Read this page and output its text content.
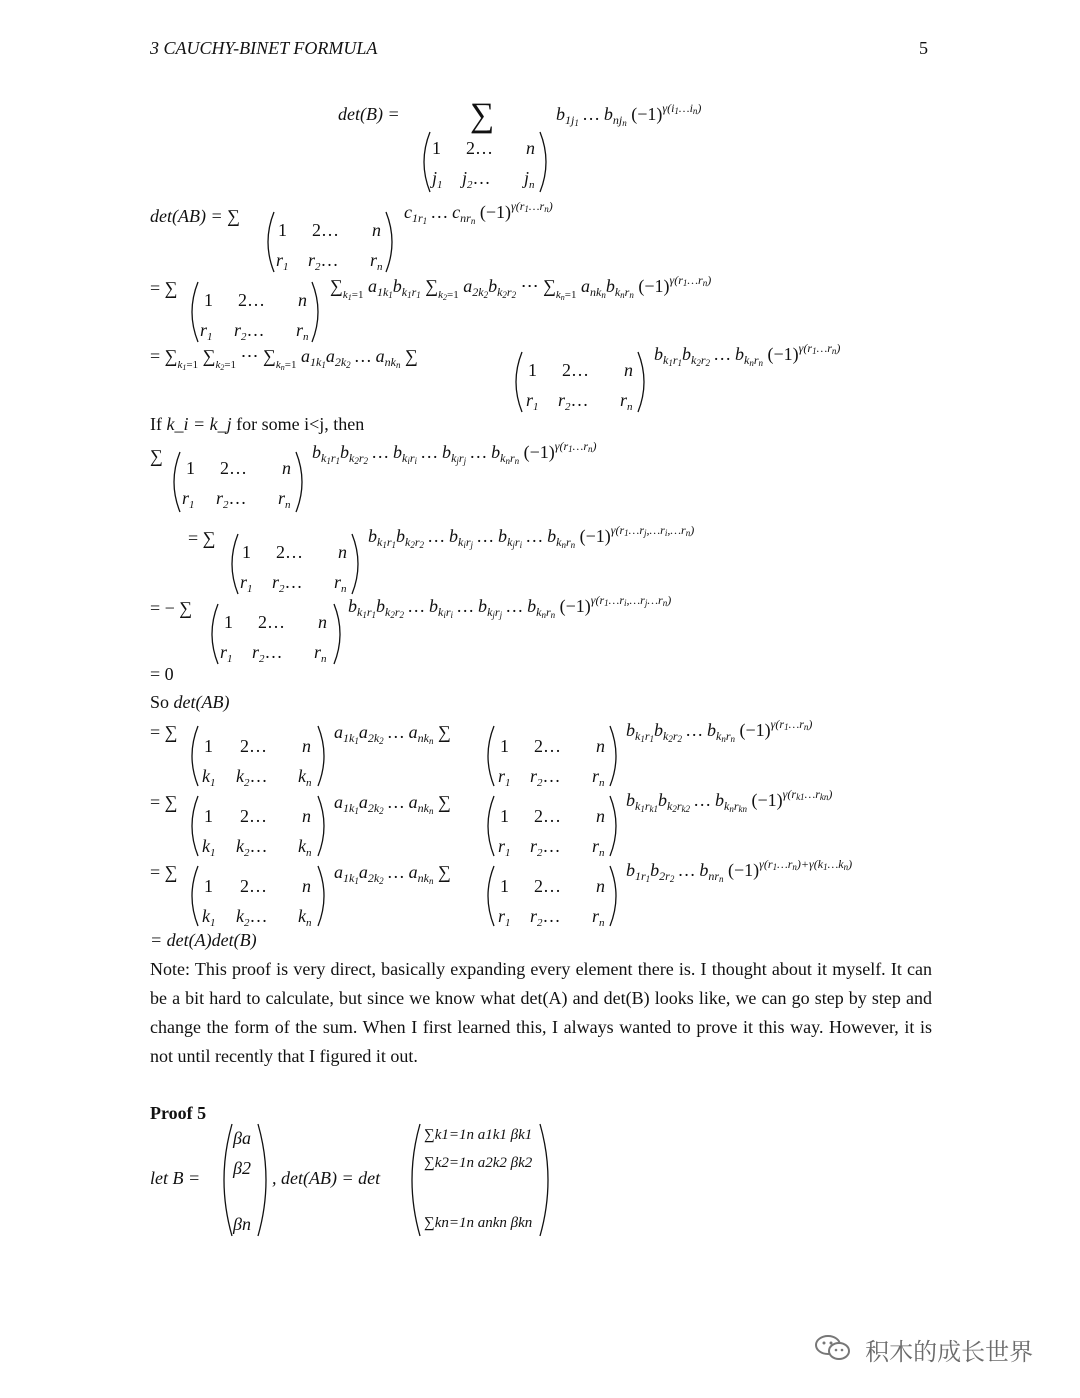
3 CAUCHY-BINET FORMULA	5
det(B) = ∑	$b_{1j}1$ … $b_{nj}n$ $(-1)^{\gamma(i}1\dots in$)
1 2… n
$j_1$ $j_2\dots$ $j_n$
det(AB) = ∑
1 2… n
$r_1$ $r_2\dots$ $r_n$
$c_{1r}1$ … $c_{nr}n$ $(-1)^{\gamma(r}1\dots rn$)
= ∑
1 2… n
$r_1$ $r_2\dots$ $r_n$
$\sum_k1=1$ $a_{1k}1b_k1r1$ $\sum_k2=1$ $a_{2k}2b_k2r2$ ⋯ $\sum_kn=1$ $a_{nk}nb_knrn$ $(-1)^{\gamma(r}1\dots rn$)
= $\sum_k1=1$ $\sum_k2=1$ ⋯ $\sum_kn=1$ $a_{1k}1a_{2k}2$ … $a_{nk}n$ ∑
1 2… n
$r_1$ $r_2\dots$ $r_n$
$b_k1r1b_k2r2$ … $b_knrn$ $(-1)^{\gamma(r}1\dots rn$)
∑
1 2… n
$r_1$ $r_2\dots$ $r_n$
$b_k1r1b_k2r2$ … $b_kiri$ … $b_kjrj$ … $b_knrn$ $(-1)^{\gamma(r}1\dots rn$)
= ∑
1 2… n
$r_1$ $r_2\dots$ $r_n$
$b_k1r1b_k2r2$ … $b_kirj$ … $b_kjri$ … $b_knrn$ $(-1)^{\gamma(r}1\dots rj,\dots ri,\dots rn$)
= − ∑
1 2… n
$r_1$ $r_2\dots$ $r_n$
$b_k1r1b_k2r2$ … $b_kiri$ … $b_kjrj$ … $b_knrn$ $(-1)^{\gamma(r}1\dots ri,\dots rj\dots rn$)
= ∑
1 2… n
$k_1$ $k_2\dots$ $k_n$
$a_{1k}1a_{2k}2$ … $a_{nk}n$ ∑
1 2… n
$r_1$ $r_2\dots$ $r_n$
$b_k1r1b_k2r2$ … $b_knrn$ $(-1)^{\gamma(r}1\dots rn$)
= ∑
1 2… n
$k_1$ $k_2\dots$ $k_n$
$a_{1k}1a_{2k}2$ … $a_{nk}n$ ∑
1 2… n
$r_1$ $r_2\dots$ $r_n$
$b_k1rk1b_k2rk2$ … $b_knrkn$ $(-1)^{\gamma(r}k1\dots rkn$)
= ∑
1 2… n
$k_1$ $k_2\dots$ $k_n$
$a_{1k}1a_{2k}2$ … $a_{nk}n$ ∑
1 2… n
$r_1$ $r_2\dots$ $r_n$
$b_{1r}1b_{2r}2$ … $b_{nr}n$ $(-1)^{\gamma(r}1\dots rn)+\gamma(k1\dots kn)$
If k_i = k_j for some i<j, then
= 0
So det(AB)
= det(A)det(B)
Note: This proof is very direct, basically expanding every element there is. I thought about it myself. It can be a bit hard to calculate, but since we know what det(A) and det(B) looks like, we can go step by step and change the form of the sum. When I first learned this, I always wanted to prove it this way. However, it is not until recently that I figured it out.
Proof 5
let B =
βa
β2
βn
, det(AB) = det
∑k1=1n a1k1 βk1
∑k2=1n a2k2 βk2
∑kn=1n ankn βkn
积木的成长世界
